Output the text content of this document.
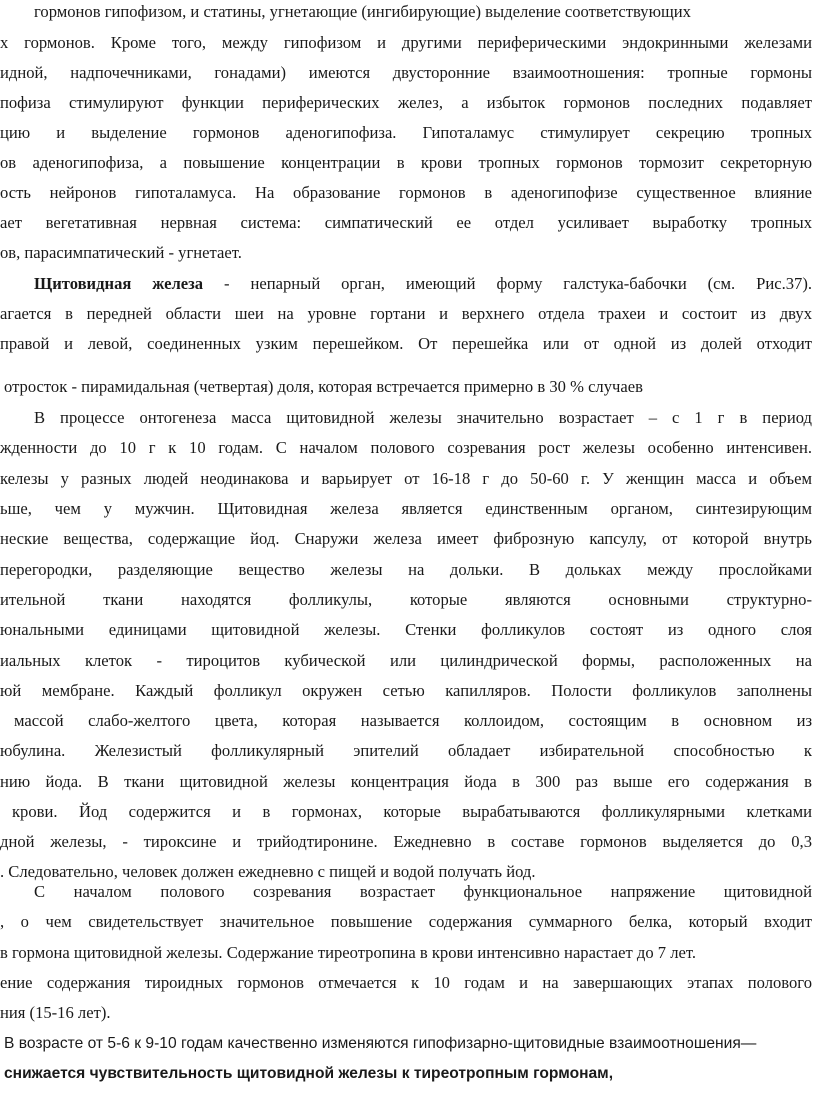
гормонов гипофизом, и статины, угнетающие (ингибирующие) выделение соответствующих
х гормонов. Кроме того, между гипофизом и другими периферическими эндокринными железами
идной, надпочечниками, гонадами) имеются двусторонние взаимоотношения: тропные гормоны
пофиза стимулируют функции периферических желез, а избыток гормонов последних подавляет
цию и выделение гормонов аденогипофиза. Гипоталамус стимулирует секрецию тропных
ов аденогипофиза, а повышение концентрации в крови тропных гормонов тормозит секреторную
ость нейронов гипоталамуса. На образование гормонов в аденогипофизе существенное влияние
ает вегетативная нервная система: симпатический ее отдел усиливает выработку тропных
ов, парасимпатический - угнетает.
Щитовидная железа - непарный орган, имеющий форму галстука-бабочки (см. Рис.37).
агается в передней области шеи на уровне гортани и верхнего отдела трахеи и состоит из двух
правой и левой, соединенных узким перешейком. От перешейка или от одной из долей отходит
отросток - пирамидальная (четвертая) доля, которая встречается примерно в 30 % случаев
В процессе онтогенеза масса щитовидной железы значительно возрастает – с 1 г в период
жденности до 10 г к 10 годам. С началом полового созревания рост железы особенно интенсивен.
келезы у разных людей неодинакова и варьирует от 16-18 г до 50-60 г. У женщин масса и объем
ьше, чем у мужчин. Щитовидная железа является единственным органом, синтезирующим
неские вещества, содержащие йод. Снаружи железа имеет фиброзную капсулу, от которой внутрь
перегородки, разделяющие вещество железы на дольки. В дольках между прослойками
ительной ткани находятся фолликулы, которые являются основными структурно-
юнальными единицами щитовидной железы. Стенки фолликулов состоят из одного слоя
иальных клеток - тироцитов кубической или цилиндрической формы, расположенных на
юй мембране. Каждый фолликул окружен сетью капилляров. Полости фолликулов заполнены
массой слабо-желтого цвета, которая называется коллоидом, состоящим в основном из
юбулина. Железистый фолликулярный эпителий обладает избирательной способностью к
нию йода. В ткани щитовидной железы концентрация йода в 300 раз выше его содержания в
крови. Йод содержится и в гормонах, которые вырабатываются фолликулярными клетками
дной железы, - тироксине и трийодтиронине. Ежедневно в составе гормонов выделяется до 0,3
. Следовательно, человек должен ежедневно с пищей и водой получать йод.
С началом полового созревания возрастает функциональное напряжение щитовидной
, о чем свидетельствует значительное повышение содержания суммарного белка, который входит
в гормона щитовидной железы. Содержание тиреотропина в крови интенсивно нарастает до 7 лет.
ение содержания тироидных гормонов отмечается к 10 годам и на завершающих этапах полового
ния (15-16 лет).
В возрасте от 5-6 к 9-10 годам качественно изменяются гипофизарно-щитовидные взаимоотношения—
снижается чувствительность щитовидной железы к тиреотропным гормонам,
